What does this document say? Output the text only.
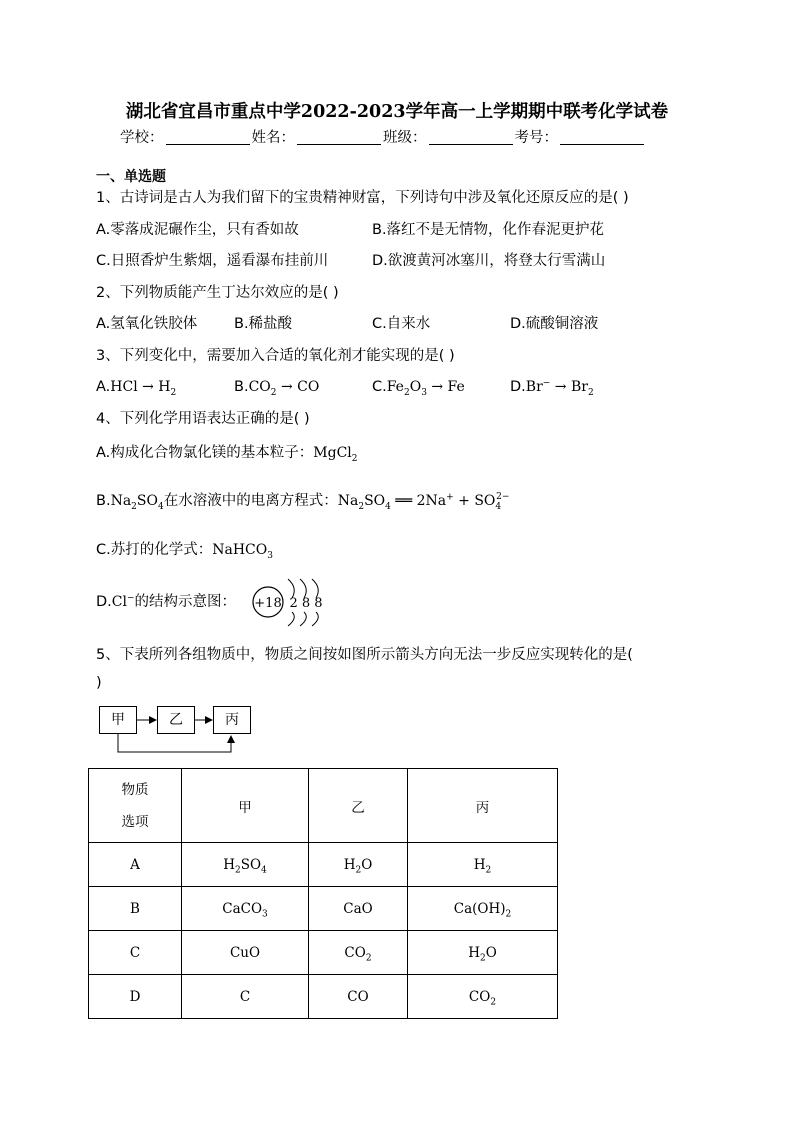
湖北省宜昌市重点中学2022-2023学年高一上学期期中联考化学试卷
学校：	姓名：	班级：	考号：
一、单选题
1、古诗词是古人为我们留下的宝贵精神财富，下列诗句中涉及氧化还原反应的是( )
A.零落成泥碾作尘，只有香如故	B.落红不是无情物，化作春泥更护花
C.日照香炉生紫烟，遥看瀑布挂前川	D.欲渡黄河冰塞川，将登太行雪满山
2、下列物质能产生丁达尔效应的是( )
A.氢氧化铁胶体	B.稀盐酸	C.自来水	D.硫酸铜溶液
3、下列变化中，需要加入合适的氧化剂才能实现的是( )
$A.HCl \to H_2$	$B.CO_2$ → CO	$C.Fe_2O_3 \to Fe$	$D.Br^- \to Br_2$
4、下列化学用语表达正确的是( )
A.构成化合物氯化镁的基本粒子：MgCl$_2$
$B.Na_2SO_4$在水溶液中的电离方程式：$Na_2SO_4$ ══ $2Na^+ + SO_4^{2-}$
C.苏打的化学式：NaHCO$_3$
D.Cl−的结构示意图： +18 2 8 8
5、下表所列各组物质中，物质之间按如图所示箭头方向无法一步反应实现转化的是(
)
甲	乙	丙
物质
选项	甲	乙	丙
A	$H_2SO_4$	$H_2O$	$H_2$
B	CaCO$_3$	CaO	$Ca(OH)_2$
C	CuO	$CO_2$	$H_2O$
D	C	CO	$CO_2$
